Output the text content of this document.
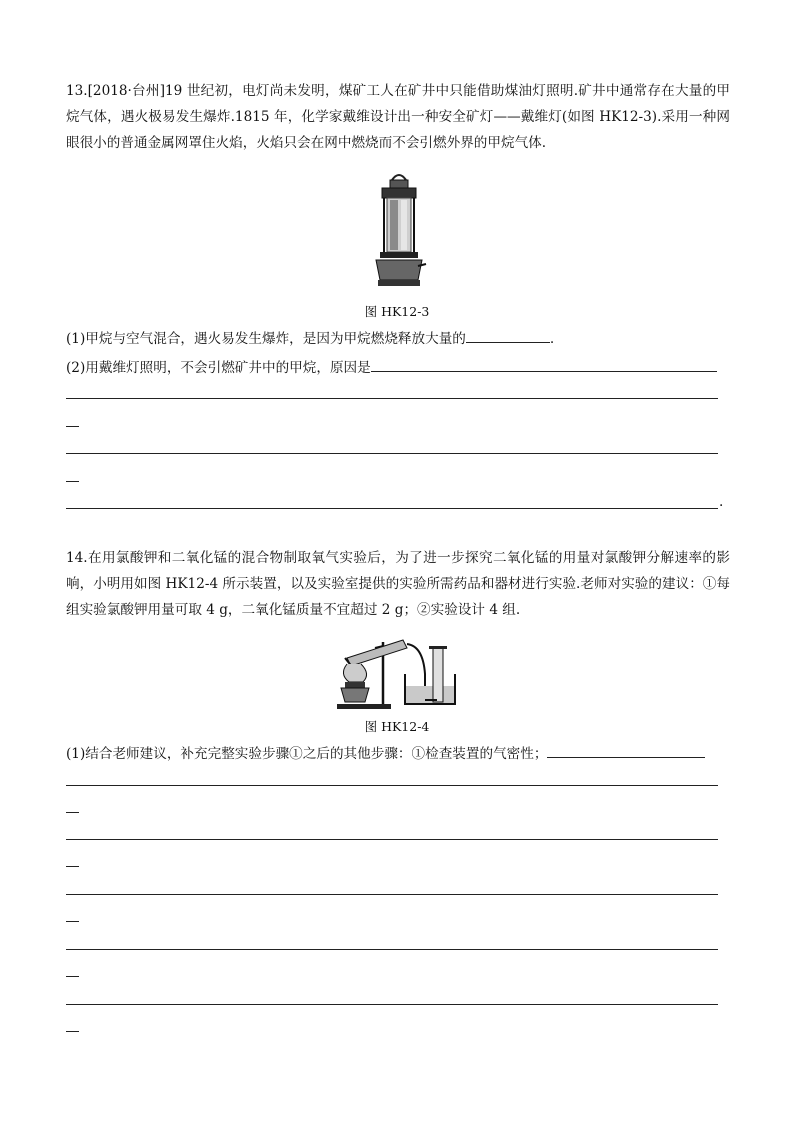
13.[2018·台州]19 世纪初，电灯尚未发明，煤矿工人在矿井中只能借助煤油灯照明.矿井中通常存在大量的甲烷气体，遇火极易发生爆炸.1815 年，化学家戴维设计出一种安全矿灯——戴维灯(如图 HK12-3).采用一种网眼很小的普通金属网罩住火焰，火焰只会在网中燃烧而不会引燃外界的甲烷气体.

图 HK12-3
(1)甲烷与空气混合，遇火易发生爆炸，是因为甲烷燃烧释放大量的	.
(2)用戴维灯照明，不会引燃矿井中的甲烷，原因是
.

14.在用氯酸钾和二氧化锰的混合物制取氧气实验后，为了进一步探究二氧化锰的用量对氯酸钾分解速率的影响，小明用如图 HK12-4 所示装置，以及实验室提供的实验所需药品和器材进行实验.老师对实验的建议：①每组实验氯酸钾用量可取 4 g，二氧化锰质量不宜超过 2 g；②实验设计 4 组.

图 HK12-4
(1)结合老师建议，补充完整实验步骤①之后的其他步骤：①检查装置的气密性；
